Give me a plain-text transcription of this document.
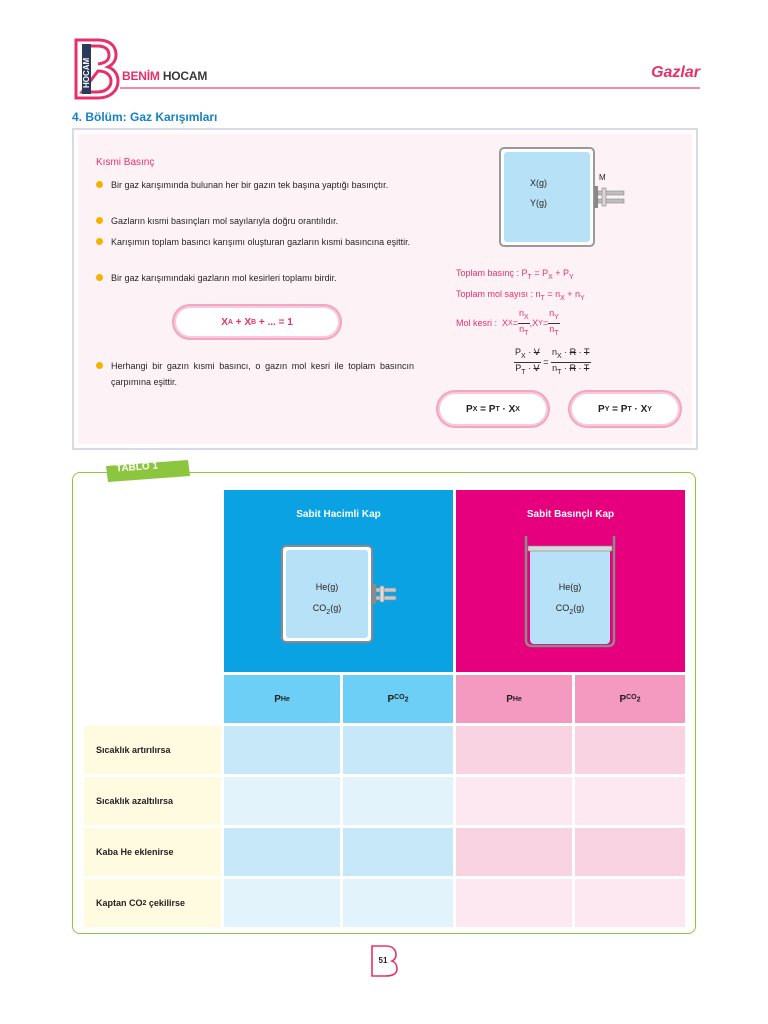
HOCAM	BENİM HOCAM	Gazlar
4. Bölüm: Gaz Karışımları
Kısmi Basınç
Bir gaz karışımında bulunan her bir gazın tek başına yaptığı basınçtır.
Gazların kısmi basınçları mol sayılarıyla doğru orantılıdır.
Karışımın toplam basıncı karışımı oluşturan gazların kısmi basıncına eşittir.
Bir gaz karışımındaki gazların mol kesirleri toplamı birdir.
X A + X B + ... = 1
Herhangi bir gazın kısmi basıncı, o gazın mol kesri ile toplam basıncın çarpımına eşittir.
X(g)
Y(g)
M
Toplam basınç : $P_T = P_X + P_Y$
Toplam mol sayısı : $n_T = n_X + n_Y$
Mol kesri : X $X = \frac{n_X}{n_T} ,X$ $Y = \frac{n_Y}{n_T}$
$\frac{P_X \cdot V}{P_T \cdot V} = \frac{n_X \cdot R \cdot T}{n_T \cdot R \cdot T}$
P X = P T · X X	P Y = P T · X Y
TABLO 1
Sabit Hacimli Kap	Sabit Basınçlı Kap
He(g)
$CO_2(g)$
He(g)
$CO_2(g)$
P He	P $CO_2$	P He	P $CO_2$
Sıcaklık artırılırsa
Sıcaklık azaltılırsa
Kaba He eklenirse
Kaptan CO 2 çekilirse
51
